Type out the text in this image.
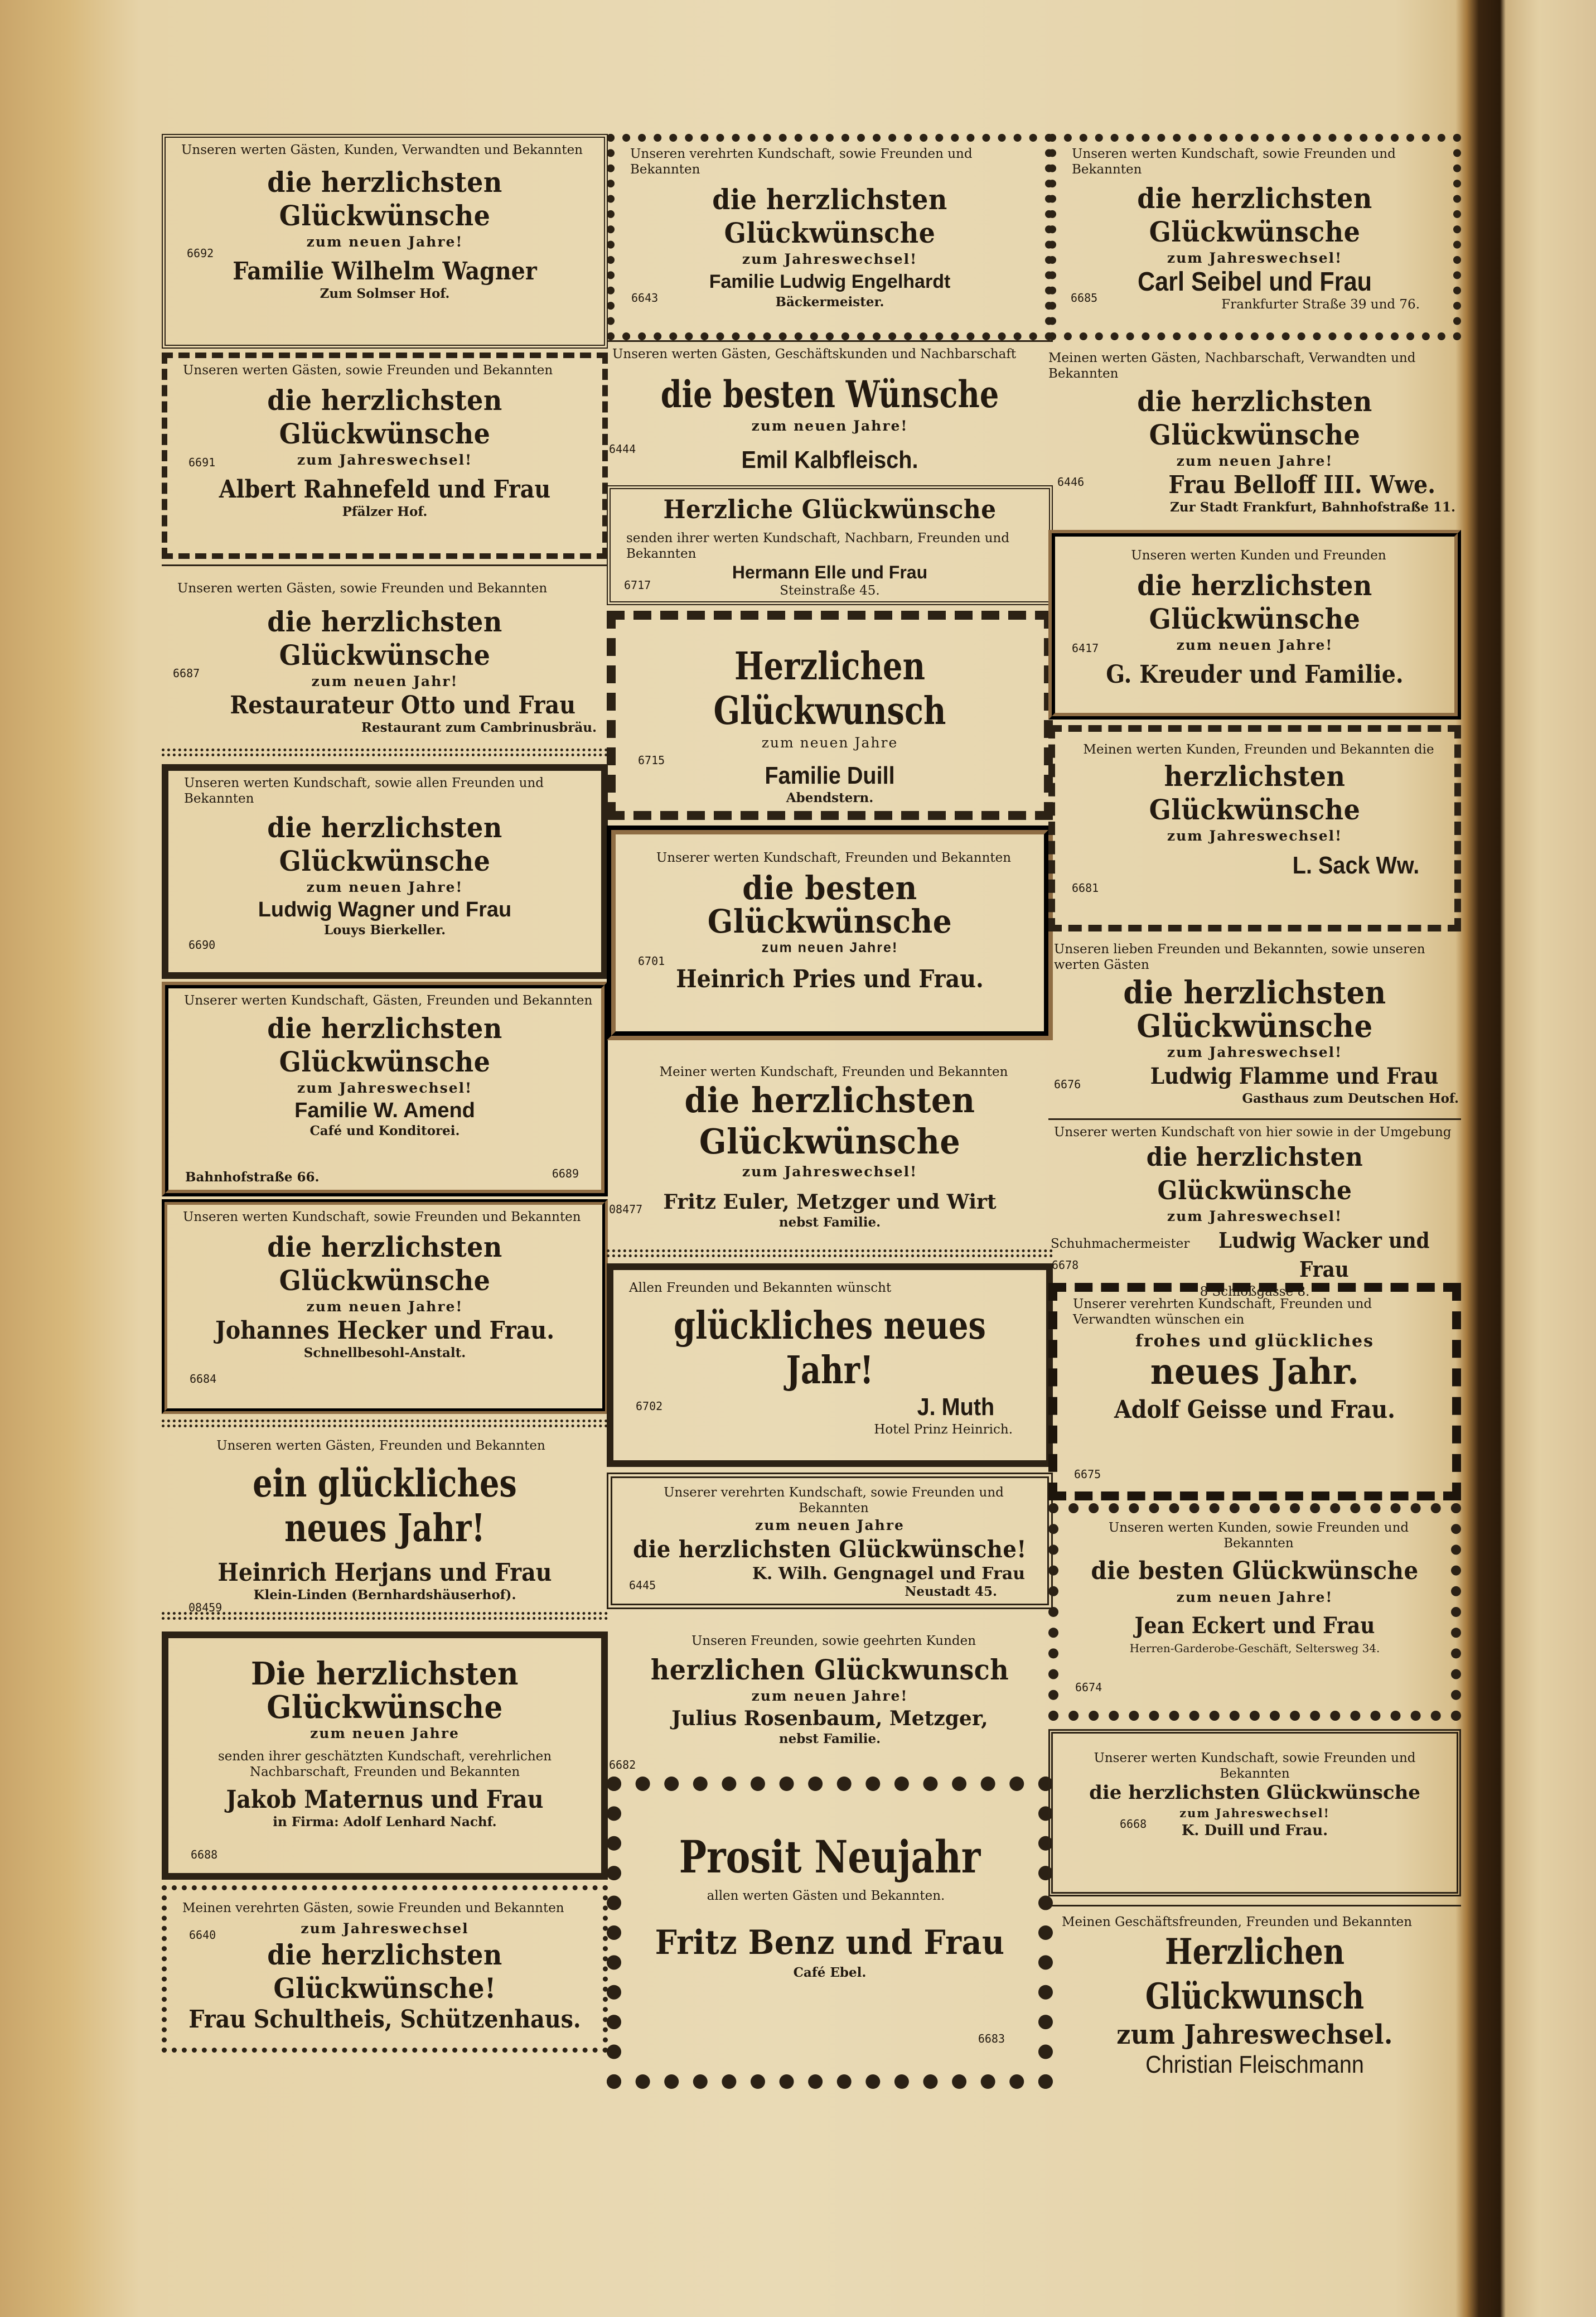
Unseren werten Gästen, Kunden, Verwandten und Bekannten
die herzlichsten Glückwünsche
zum neuen Jahre!
Familie Wilhelm Wagner
Zum Solmser Hof.
6692
Unseren werten Gästen, sowie Freunden und Bekannten
die herzlichsten Glückwünsche
zum Jahreswechsel!
Albert Rahnefeld und Frau
Pfälzer Hof.
6691
Unseren werten Gästen, sowie Freunden und Bekannten
die herzlichsten Glückwünsche
zum neuen Jahr!
Restaurateur Otto und Frau
Restaurant zum Cambrinusbräu.
6687
Unseren werten Kundschaft, sowie allen Freunden und Bekannten
die herzlichsten Glückwünsche
zum neuen Jahre!
Ludwig Wagner und Frau
Louys Bierkeller.
6690
Unserer werten Kundschaft, Gästen, Freunden und Bekannten
die herzlichsten Glückwünsche
zum Jahreswechsel!
Familie W. Amend
Café und Konditorei.
Bahnhofstraße 66.	6689
Unseren werten Kundschaft, sowie Freunden und Bekannten
die herzlichsten Glückwünsche
zum neuen Jahre!
Johannes Hecker und Frau.
Schnellbesohl-Anstalt.
6684
Unseren werten Gästen, Freunden und Bekannten
ein glückliches neues Jahr!
Heinrich Herjans und Frau
Klein-Linden (Bernhardshäuserhof).
08459
Die herzlichsten Glückwünsche
zum neuen Jahre
senden ihrer geschätzten Kundschaft, verehrlichen Nachbarschaft, Freunden und Bekannten
Jakob Maternus und Frau
in Firma: Adolf Lenhard Nachf.
6688
Meinen verehrten Gästen, sowie Freunden und Bekannten
zum Jahreswechsel
die herzlichsten Glückwünsche!
Frau Schultheis, Schützenhaus.
6640
Unseren verehrten Kundschaft, sowie Freunden und Bekannten
die herzlichsten Glückwünsche
zum Jahreswechsel!
Familie Ludwig Engelhardt
Bäckermeister.
6643
Unseren werten Gästen, Geschäftskunden und Nachbarschaft
die besten Wünsche
zum neuen Jahre!
Emil Kalbfleisch.
6444
Herzliche Glückwünsche
senden ihrer werten Kundschaft, Nachbarn, Freunden und Bekannten
Hermann Elle und Frau
Steinstraße 45.
6717
Herzlichen Glückwunsch
zum neuen Jahre
Familie Duill
Abendstern.
6715
Unserer werten Kundschaft, Freunden und Bekannten
die besten Glückwünsche
zum neuen Jahre!
Heinrich Pries und Frau.
6701
Meiner werten Kundschaft, Freunden und Bekannten
die herzlichsten Glückwünsche
zum Jahreswechsel!
Fritz Euler, Metzger und Wirt
nebst Familie.
08477
Allen Freunden und Bekannten wünscht
glückliches neues Jahr!
J. Muth
Hotel Prinz Heinrich.
6702
Unserer verehrten Kundschaft, sowie Freunden und Bekannten
zum neuen Jahre
die herzlichsten Glückwünsche!
K. Wilh. Gengnagel und Frau
Neustadt 45.
6445
Unseren Freunden, sowie geehrten Kunden
herzlichen Glückwunsch
zum neuen Jahre!
Julius Rosenbaum, Metzger,
nebst Familie.
6682
Prosit Neujahr
allen werten Gästen und Bekannten.
Fritz Benz und Frau
Café Ebel.
6683
Unseren werten Kundschaft, sowie Freunden und Bekannten
die herzlichsten Glückwünsche
zum Jahreswechsel!
Carl Seibel und Frau
Frankfurter Straße 39 und 76.
6685
Meinen werten Gästen, Nachbarschaft, Verwandten und Bekannten
die herzlichsten Glückwünsche
zum neuen Jahre!
Frau Belloff III. Wwe.
Zur Stadt Frankfurt, Bahnhofstraße 11.
6446
Unseren werten Kunden und Freunden
die herzlichsten Glückwünsche
zum neuen Jahre!
G. Kreuder und Familie.
6417
Meinen werten Kunden, Freunden und Bekannten die
herzlichsten Glückwünsche
zum Jahreswechsel!
L. Sack Ww.
6681
Unseren lieben Freunden und Bekannten, sowie unseren werten Gästen
die herzlichsten Glückwünsche
zum Jahreswechsel!
Ludwig Flamme und Frau
Gasthaus zum Deutschen Hof.
6676
Unserer werten Kundschaft von hier sowie in der Umgebung
die herzlichsten Glückwünsche
zum Jahreswechsel!
Schuhmachermeister	Ludwig Wacker und Frau
8 Schloßgasse 8.
6678
Unserer verehrten Kundschaft, Freunden und Verwandten wünschen ein
frohes und glückliches
neues Jahr.
Adolf Geisse und Frau.
6675
Unseren werten Kunden, sowie Freunden und Bekannten
die besten Glückwünsche
zum neuen Jahre!
Jean Eckert und Frau
Herren-Garderobe-Geschäft, Seltersweg 34.
6674
Unserer werten Kundschaft, sowie Freunden und Bekannten
die herzlichsten Glückwünsche
zum Jahreswechsel!
K. Duill und Frau.
6668
Meinen Geschäftsfreunden, Freunden und Bekannten
Herzlichen Glückwunsch
zum Jahreswechsel.
Christian Fleischmann
